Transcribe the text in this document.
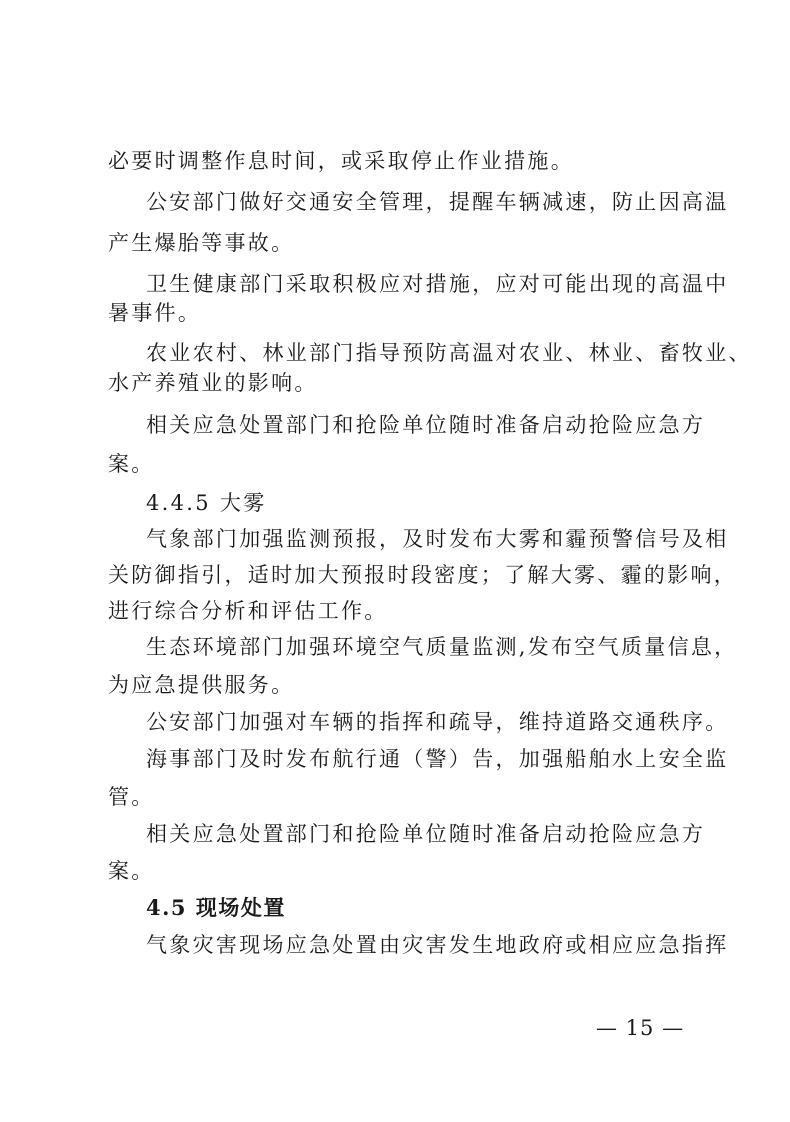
必要时调整作息时间，或采取停止作业措施。
公安部门做好交通安全管理，提醒车辆减速，防止因高温
产生爆胎等事故。
卫生健康部门采取积极应对措施，应对可能出现的高温中
暑事件。
农业农村、林业部门指导预防高温对农业、林业、畜牧业、
水产养殖业的影响。
相关应急处置部门和抢险单位随时准备启动抢险应急方
案。
4.4.5 大雾
气象部门加强监测预报，及时发布大雾和霾预警信号及相
关防御指引，适时加大预报时段密度；了解大雾、霾的影响，
进行综合分析和评估工作。
生态环境部门加强环境空气质量监测,发布空气质量信息，
为应急提供服务。
公安部门加强对车辆的指挥和疏导，维持道路交通秩序。
海事部门及时发布航行通（警）告，加强船舶水上安全监
管。
相关应急处置部门和抢险单位随时准备启动抢险应急方
案。
4.5 现场处置
气象灾害现场应急处置由灾害发生地政府或相应应急指挥
— 15 —
